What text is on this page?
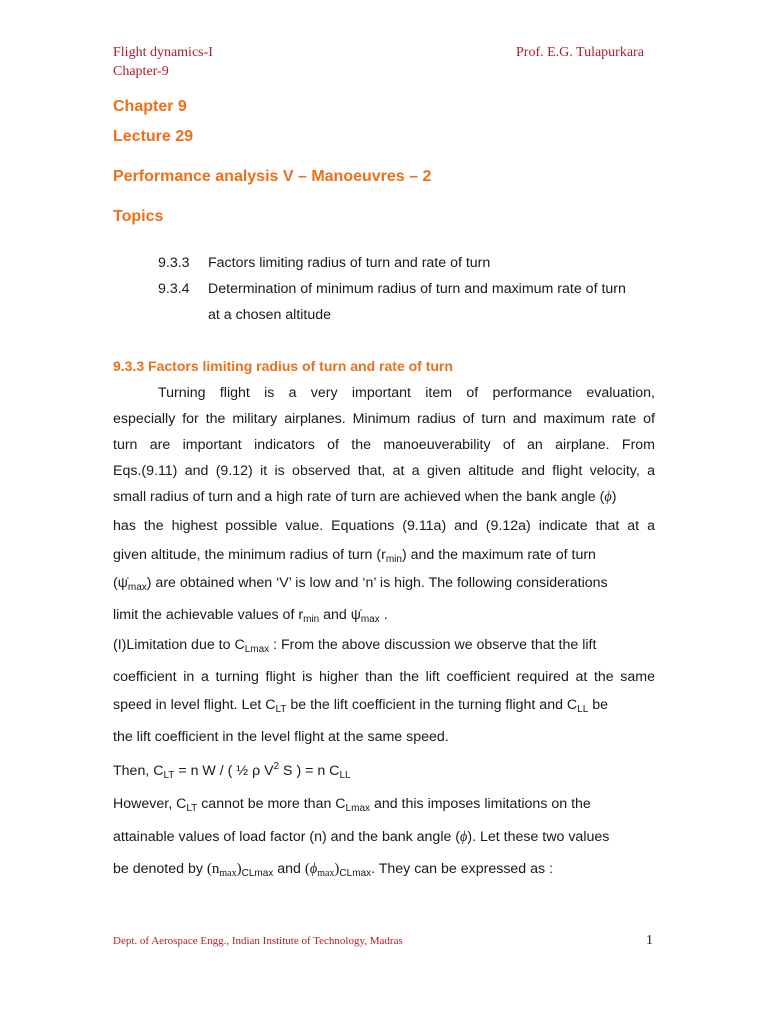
Flight dynamics-I
Chapter-9
Prof. E.G. Tulapurkara
Chapter 9
Lecture 29
Performance analysis V – Manoeuvres – 2
Topics
9.3.3 Factors limiting radius of turn and rate of turn
9.3.4 Determination of minimum radius of turn and maximum rate of turn
at a chosen altitude
9.3.3 Factors limiting radius of turn and rate of turn
Turning flight is a very important item of performance evaluation,
especially for the military airplanes. Minimum radius of turn and maximum rate of
turn are important indicators of the manoeuverability of an airplane. From
Eqs.(9.11) and (9.12) it is observed that, at a given altitude and flight velocity, a
small radius of turn and a high rate of turn are achieved when the bank angle (ϕ)
has the highest possible value. Equations (9.11a) and (9.12a) indicate that at a
given altitude, the minimum radius of turn $(r_{min})$ and the maximum rate of turn
$(\psi̇_{max})$ are obtained when ‘V’ is low and ‘n’ is high. The following considerations
limit the achievable values of $r_{min}$ and $\psi̇_{max}$ .
(I)Limitation due to $C_{Lmax}$ : From the above discussion we observe that the lift
coefficient in a turning flight is higher than the lift coefficient required at the same
speed in level flight. Let $C_{LT}$ be the lift coefficient in the turning flight and $C_{LL}$ be
the lift coefficient in the level flight at the same speed.
Then, $C_{LT} = n$ W / ( ½ ρ $V^2$ S ) = n $C_{LL}$
However, $C_{LT}$ cannot be more than $C_{Lmax}$ and this imposes limitations on the
attainable values of load factor (n) and the bank angle (ϕ). Let these two values
be denoted by $(n_{max})_{CLmax}$ and $(\phi_{max})_{CLmax}$. They can be expressed as :
Dept. of Aerospace Engg., Indian Institute of Technology, Madras	1
